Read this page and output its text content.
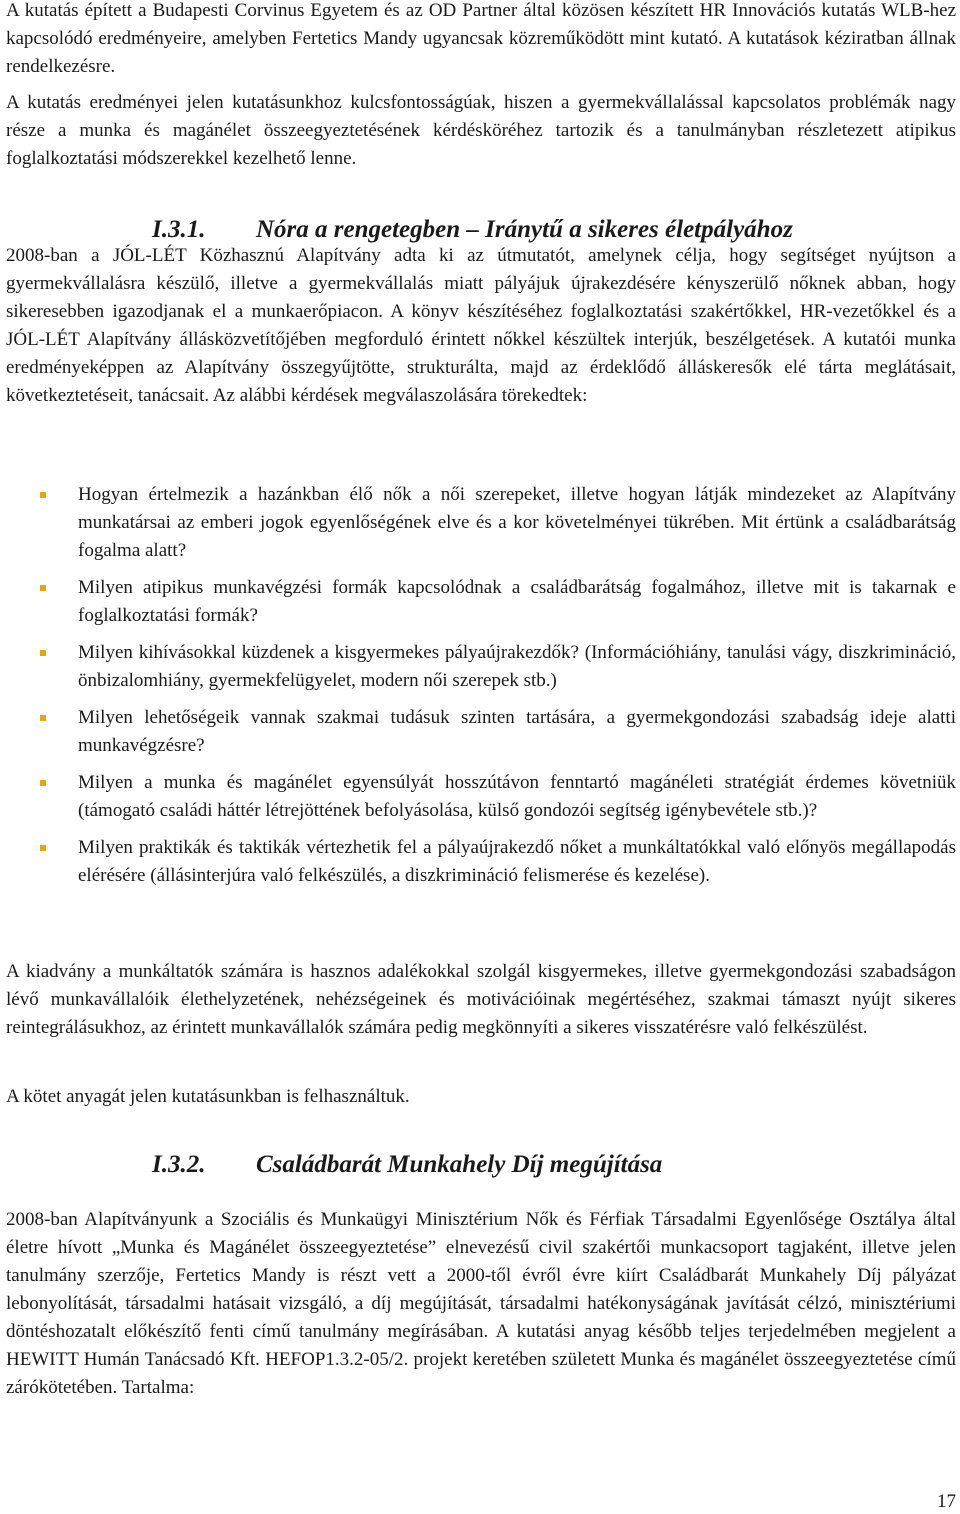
A kutatás épített a Budapesti Corvinus Egyetem és az OD Partner által közösen készített HR Innovációs kutatás WLB-hez kapcsolódó eredményeire, amelyben Fertetics Mandy ugyancsak közreműködött mint kutató. A kutatások kéziratban állnak rendelkezésre.

A kutatás eredményei jelen kutatásunkhoz kulcsfontosságúak, hiszen a gyermekvállalással kapcsolatos problémák nagy része a munka és magánélet összeegyeztetésének kérdésköréhez tartozik és a tanulmányban részletezett atipikus foglalkoztatási módszerekkel kezelhető lenne.

I.3.1. Nóra a rengetegben – Iránytű a sikeres életpályához

2008-ban a JÓL-LÉT Közhasznú Alapítvány adta ki az útmutatót, amelynek célja, hogy segítséget nyújtson a gyermekvállalásra készülő, illetve a gyermekvállalás miatt pályájuk újrakezdésére kényszerülő nőknek abban, hogy sikeresebben igazodjanak el a munkaerőpiacon. A könyv készítéséhez foglalkoztatási szakértőkkel, HR-vezetőkkel és a JÓL-LÉT Alapítvány állásközvetítőjében megforduló érintett nőkkel készültek interjúk, beszélgetések. A kutatói munka eredményeképpen az Alapítvány összegyűjtötte, strukturálta, majd az érdeklődő álláskeresők elé tárta meglátásait, következtetéseit, tanácsait. Az alábbi kérdések megválaszolására törekedtek:

Hogyan értelmezik a hazánkban élő nők a női szerepeket, illetve hogyan látják mindezeket az Alapítvány munkatársai az emberi jogok egyenlőségének elve és a kor követelményei tükrében. Mit értünk a családbarátság fogalma alatt?

Milyen atipikus munkavégzési formák kapcsolódnak a családbarátság fogalmához, illetve mit is takarnak e foglalkoztatási formák?

Milyen kihívásokkal küzdenek a kisgyermekes pályaújrakezdők? (Információhiány, tanulási vágy, diszkrimináció, önbizalomhiány, gyermekfelügyelet, modern női szerepek stb.)

Milyen lehetőségeik vannak szakmai tudásuk szinten tartására, a gyermekgondozási szabadság ideje alatti munkavégzésre?

Milyen a munka és magánélet egyensúlyát hosszútávon fenntartó magánéleti stratégiát érdemes követniük (támogató családi háttér létrejöttének befolyásolása, külső gondozói segítség igénybevétele stb.)?

Milyen praktikák és taktikák vértezhetik fel a pályaújrakezdő nőket a munkáltatókkal való előnyös megállapodás elérésére (állásinterjúra való felkészülés, a diszkrimináció felismerése és kezelése).

A kiadvány a munkáltatók számára is hasznos adalékokkal szolgál kisgyermekes, illetve gyermekgondozási szabadságon lévő munkavállalóik élethelyzetének, nehézségeinek és motivációinak megértéséhez, szakmai támaszt nyújt sikeres reintegrálásukhoz, az érintett munkavállalók számára pedig megkönnyíti a sikeres visszatérésre való felkészülést.

A kötet anyagát jelen kutatásunkban is felhasználtuk.

I.3.2. Családbarát Munkahely Díj megújítása

2008-ban Alapítványunk a Szociális és Munkaügyi Minisztérium Nők és Férfiak Társadalmi Egyenlősége Osztálya által életre hívott „Munka és Magánélet összeegyeztetése” elnevezésű civil szakértői munkacsoport tagjaként, illetve jelen tanulmány szerzője, Fertetics Mandy is részt vett a 2000-től évről évre kiírt Családbarát Munkahely Díj pályázat lebonyolítását, társadalmi hatásait vizsgáló, a díj megújítását, társadalmi hatékonyságának javítását célzó, minisztériumi döntéshozatalt előkészítő fenti című tanulmány megírásában. A kutatási anyag később teljes terjedelmében megjelent a HEWITT Humán Tanácsadó Kft. HEFOP1.3.2-05/2. projekt keretében született Munka és magánélet összeegyeztetése című zárókötetében. Tartalma:

17
